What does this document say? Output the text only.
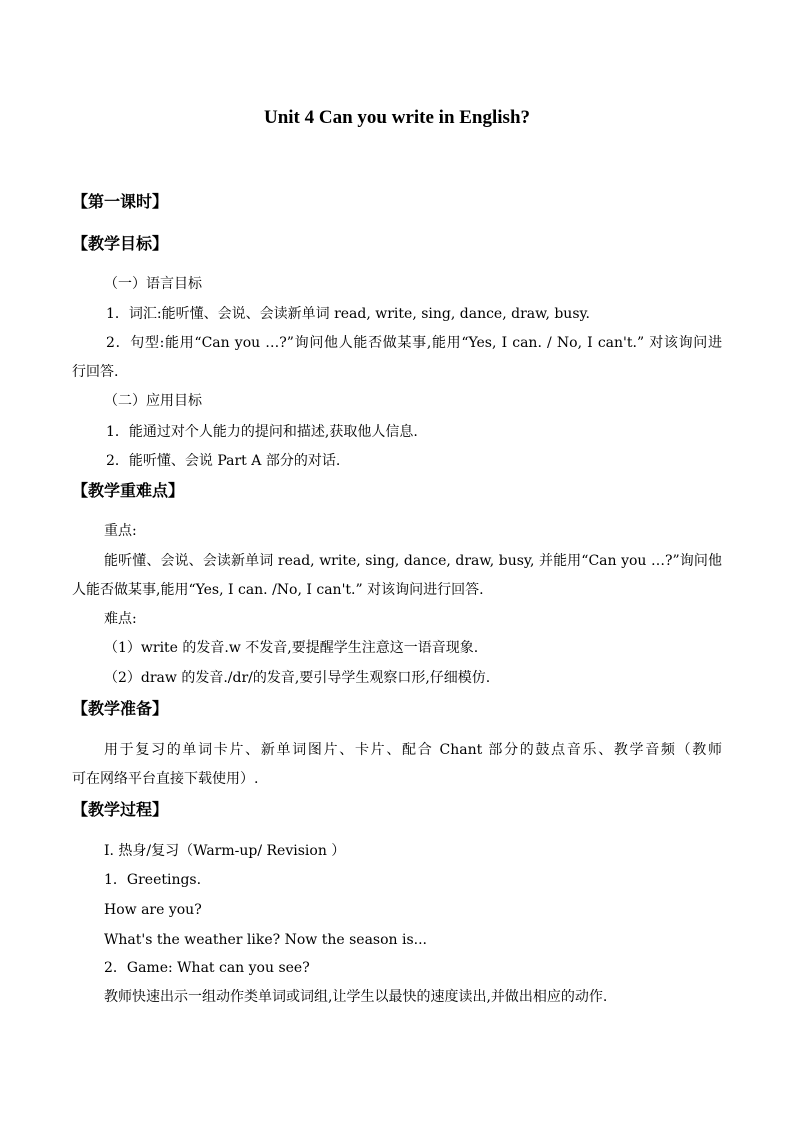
Unit 4 Can you write in English?
【第一课时】
【教学目标】
（一）语言目标
1．词汇:能听懂、会说、会读新单词 read, write, sing, dance, draw, busy.
2．句型:能用“Can you …?”询问他人能否做某事,能用“Yes, I can. / No, I can't.” 对该询问进
行回答.
（二）应用目标
1．能通过对个人能力的提问和描述,获取他人信息.
2．能听懂、会说 Part A 部分的对话.
【教学重难点】
重点:
能听懂、会说、会读新单词 read, write, sing, dance, draw, busy, 并能用“Can you …?”询问他
人能否做某事,能用“Yes, I can. /No, I can't.” 对该询问进行回答.
难点:
（1）write 的发音.w 不发音,要提醒学生注意这一语音现象.
（2）draw 的发音./dr/的发音,要引导学生观察口形,仔细模仿.
【教学准备】
用于复习的单词卡片、新单词图片、卡片、配合 Chant 部分的鼓点音乐、教学音频（教师
可在网络平台直接下载使用）.
【教学过程】
I. 热身/复习（Warm-up/ Revision ）
1．Greetings.
How are you?
What's the weather like? Now the season is...
2．Game: What can you see?
教师快速出示一组动作类单词或词组,让学生以最快的速度读出,并做出相应的动作.
